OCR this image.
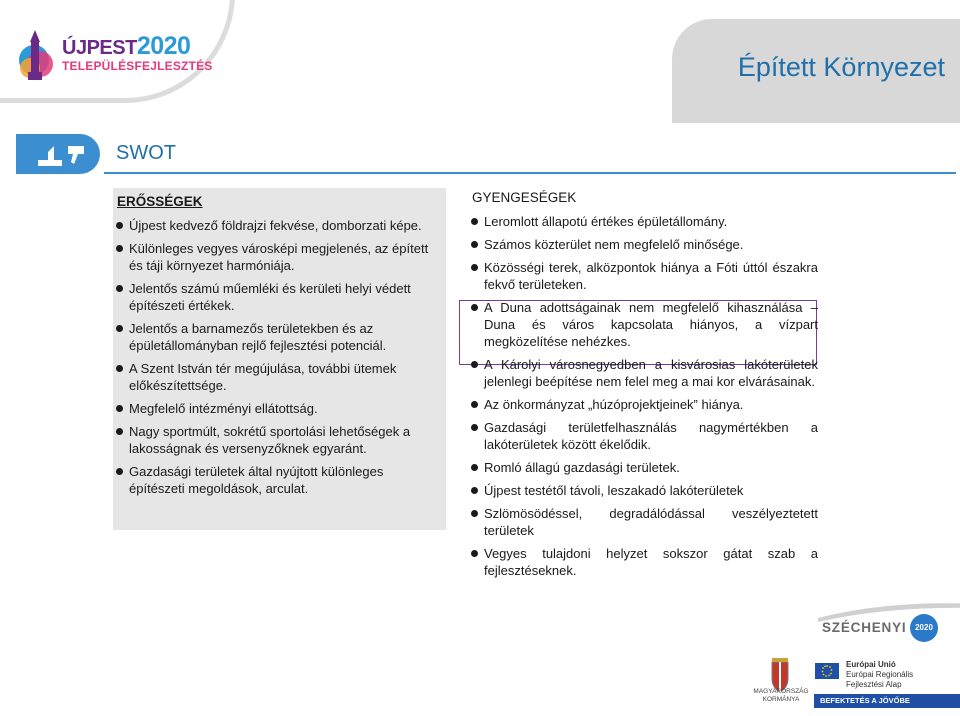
ÚJPEST2020
TELEPÜLÉSFEJLESZTÉS	Épített Környezet
SWOT
ERŐSSÉGEK
Újpest kedvező földrajzi fekvése, domborzati képe.
Különleges vegyes városképi megjelenés, az épített és táji környezet harmóniája.
Jelentős számú műemléki és kerületi helyi védett építészeti értékek.
Jelentős a barnamezős területekben és az épületállományban rejlő fejlesztési potenciál.
A Szent István tér megújulása, további ütemek előkészítettsége.
Megfelelő intézményi ellátottság.
Nagy sportmúlt, sokrétű sportolási lehetőségek a lakosságnak és versenyzőknek egyaránt.
Gazdasági területek által nyújtott különleges építészeti megoldások, arculat.
GYENGESÉGEK
Leromlott állapotú értékes épületállomány.
Számos közterület nem megfelelő minősége.
Közösségi terek, alközpontok hiánya a Fóti úttól északra fekvő területeken.
A Duna adottságainak nem megfelelő kihasználása – Duna és város kapcsolata hiányos, a vízpart megközelítése nehézkes.
A Károlyi városnegyedben a kisvárosias lakóterületek jelenlegi beépítése nem felel meg a mai kor elvárásainak.
Az önkormányzat „húzóprojektjeinek” hiánya.
Gazdasági területfelhasználás nagymértékben a lakóterületek között ékelődik.
Romló állagú gazdasági területek.
Újpest testétől távoli, leszakadó lakóterületek
Szlömösödéssel, degradálódással veszélyeztetett területek
Vegyes tulajdoni helyzet sokszor gátat szab a fejlesztéseknek.
SZÉCHENYI	2020
MAGYARORSZÁG
KORMÁNYA
Európai Unió
Európai Regionális
Fejlesztési Alap
BEFEKTETÉS A JÖVŐBE
